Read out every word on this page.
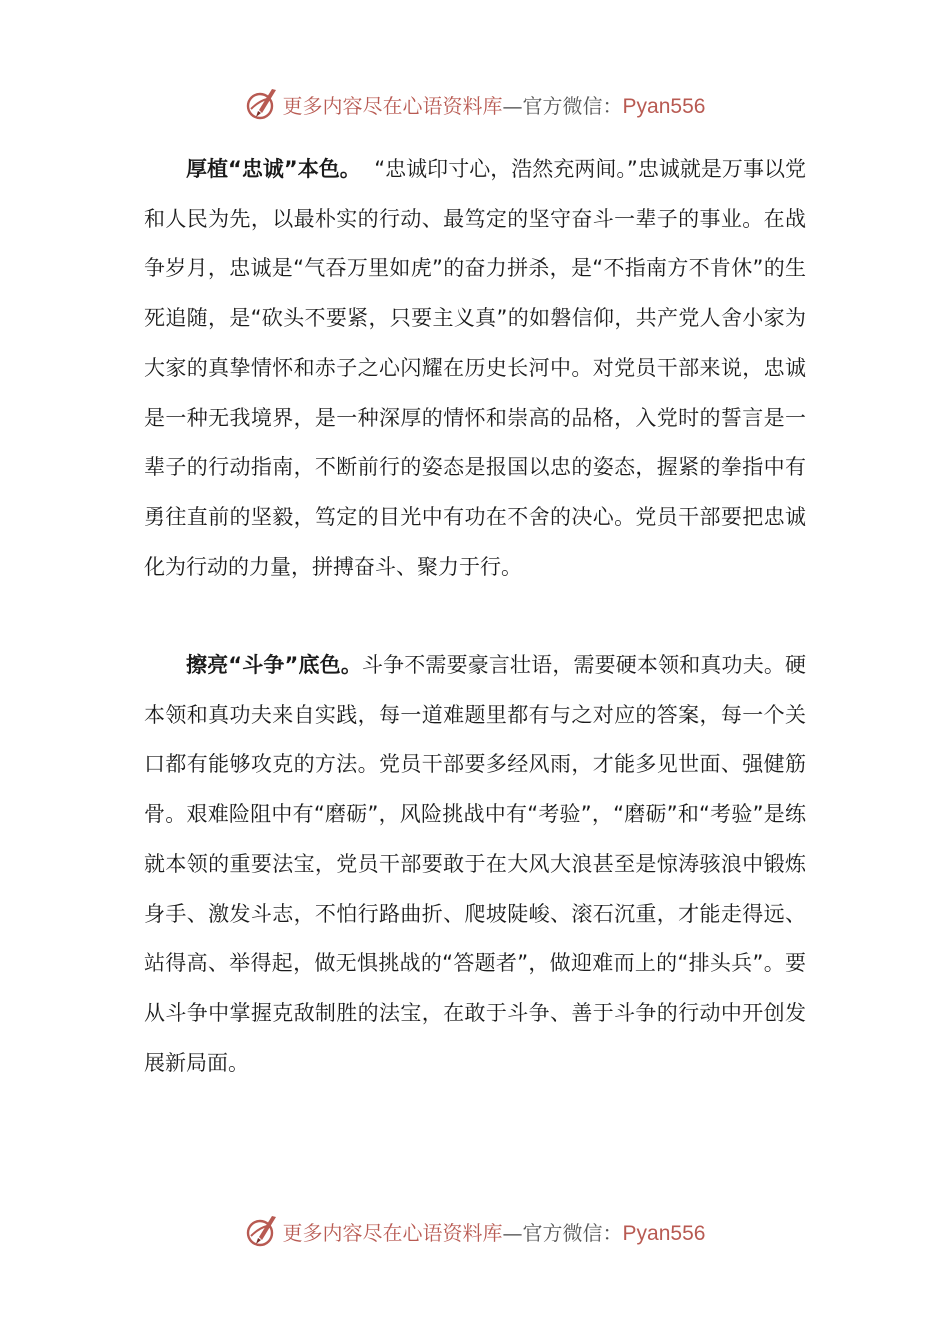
更多内容尽在心语资料库—官方微信：Pyan556

厚植“忠诚”本色。 “忠诚印寸心，浩然充两间。”忠诚就是万事以党和人民为先，以最朴实的行动、最笃定的坚守奋斗一辈子的事业。在战争岁月，忠诚是“气吞万里如虎”的奋力拼杀，是“不指南方不肯休”的生死追随，是“砍头不要紧，只要主义真”的如磐信仰，共产党人舍小家为大家的真挚情怀和赤子之心闪耀在历史长河中。对党员干部来说，忠诚是一种无我境界，是一种深厚的情怀和崇高的品格，入党时的誓言是一辈子的行动指南，不断前行的姿态是报国以忠的姿态，握紧的拳指中有勇往直前的坚毅，笃定的目光中有功在不舍的决心。党员干部要把忠诚化为行动的力量，拼搏奋斗、聚力于行。

擦亮“斗争”底色。斗争不需要豪言壮语，需要硬本领和真功夫。硬本领和真功夫来自实践，每一道难题里都有与之对应的答案，每一个关口都有能够攻克的方法。党员干部要多经风雨，才能多见世面、强健筋骨。艰难险阻中有“磨砺”，风险挑战中有“考验”，“磨砺”和“考验”是练就本领的重要法宝，党员干部要敢于在大风大浪甚至是惊涛骇浪中锻炼身手、激发斗志，不怕行路曲折、爬坡陡峻、滚石沉重，才能走得远、站得高、举得起，做无惧挑战的“答题者”，做迎难而上的“排头兵”。要从斗争中掌握克敌制胜的法宝，在敢于斗争、善于斗争的行动中开创发展新局面。

更多内容尽在心语资料库—官方微信：Pyan556
